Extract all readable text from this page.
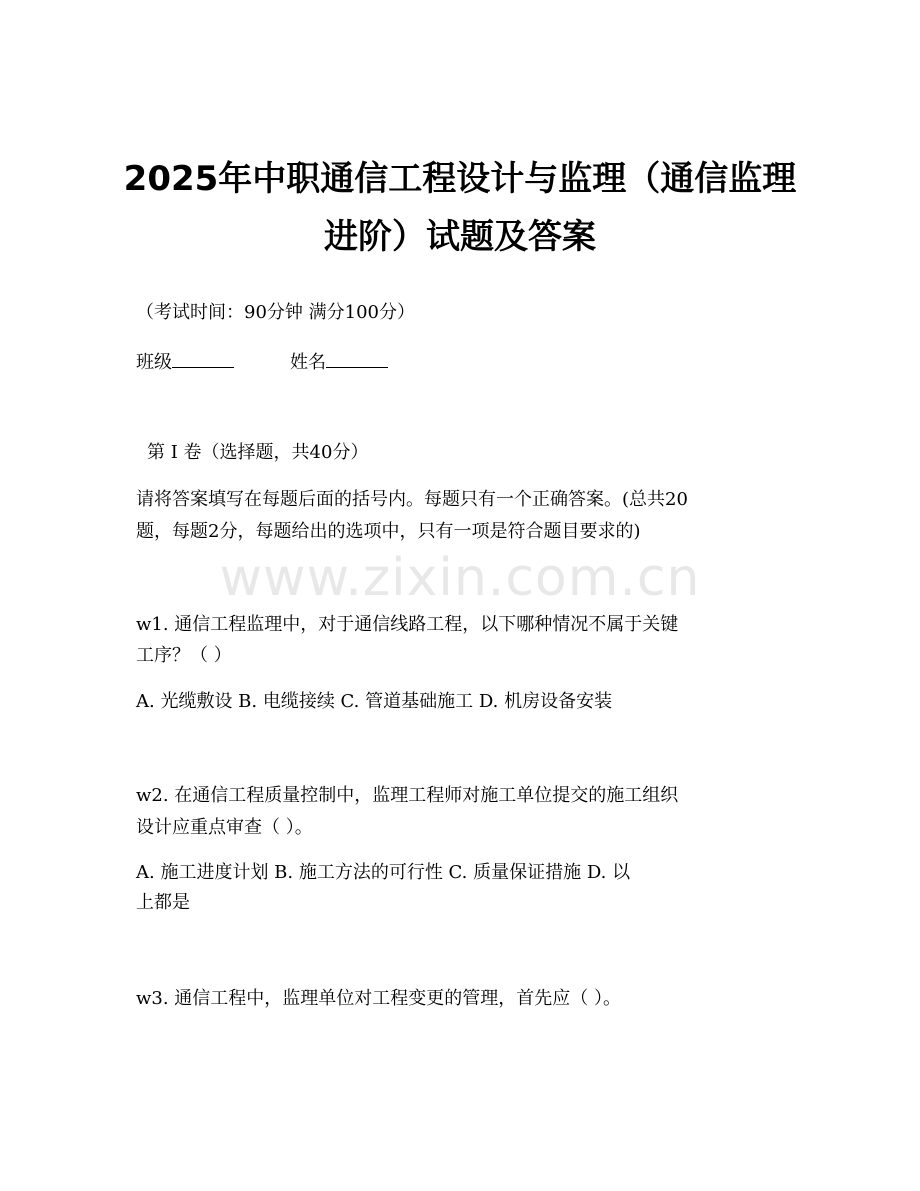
www.zixin.com.cn
2025年中职通信工程设计与监理（通信监理
进阶）试题及答案
（考试时间：90分钟 满分100分）
班级	姓名
第 I 卷（选择题，共40分）
请将答案填写在每题后面的括号内。每题只有一个正确答案。(总共20
题，每题2分，每题给出的选项中，只有一项是符合题目要求的)
w1. 通信工程监理中，对于通信线路工程，以下哪种情况不属于关键
工序？（ ）
A. 光缆敷设 B. 电缆接续 C. 管道基础施工 D. 机房设备安装
w2. 在通信工程质量控制中，监理工程师对施工单位提交的施工组织
设计应重点审查（ ）。
A. 施工进度计划 B. 施工方法的可行性 C. 质量保证措施 D. 以
上都是
w3. 通信工程中，监理单位对工程变更的管理，首先应（ ）。
